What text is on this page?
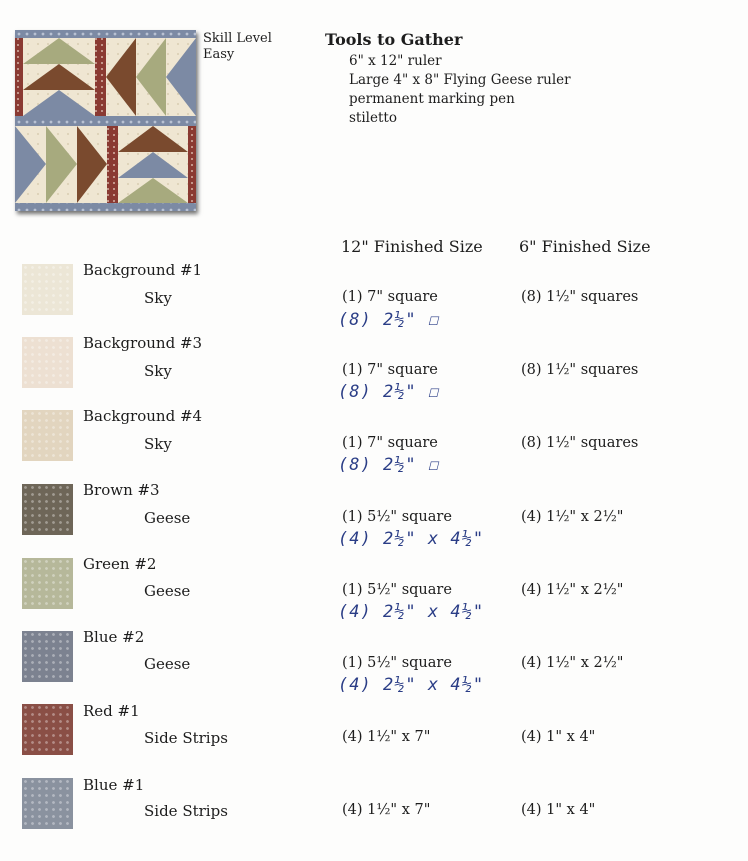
Skill Level
Easy
Tools to Gather
6" x 12" ruler
Large 4" x 8" Flying Geese ruler
permanent marking pen
stiletto
12" Finished Size 6" Finished Size
Background #1
Sky	(1) 7" square	(8) 1½" squares
(8) 2½" ☐
Background #3
Sky	(1) 7" square	(8) 1½" squares
(8) 2½" ☐
Background #4
Sky	(1) 7" square	(8) 1½" squares
(8) 2½" ☐
Brown #3
Geese	(1) 5½" square	(4) 1½" x 2½"
(4) 2½" x 4½"
Green #2
Geese	(1) 5½" square	(4) 1½" x 2½"
(4) 2½" x 4½"
Blue #2
Geese	(1) 5½" square	(4) 1½" x 2½"
(4) 2½" x 4½"
Red #1
Side Strips	(4) 1½" x 7"	(4) 1" x 4"
Blue #1
Side Strips	(4) 1½" x 7"	(4) 1" x 4"
